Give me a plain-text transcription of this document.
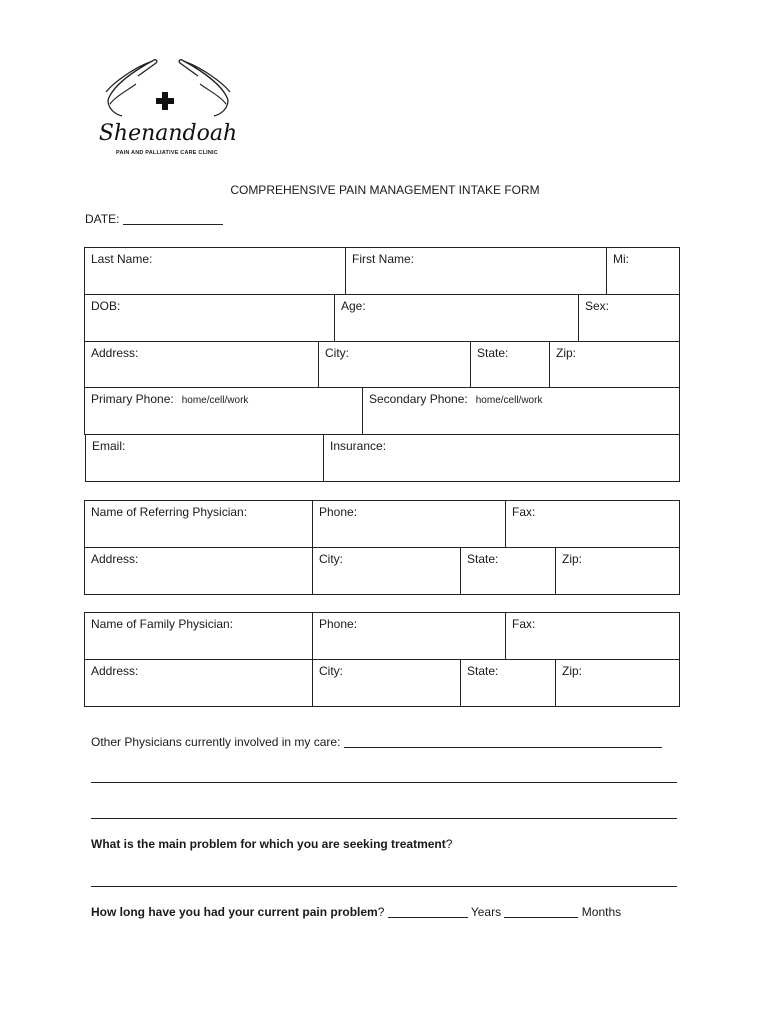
Shenandoah
PAIN AND PALLIATIVE CARE CLINIC
COMPREHENSIVE PAIN MANAGEMENT INTAKE FORM
DATE:
Last Name:	First Name:	Mi:
DOB:	Age:	Sex:
Address:	City:	State:	Zip:
Primary Phone: home/cell/work	Secondary Phone: home/cell/work
Email:	Insurance:
Name of Referring Physician:	Phone:	Fax:
Address:	City:	State:	Zip:
Name of Family Physician:	Phone:	Fax:
Address:	City:	State:	Zip:
Other Physicians currently involved in my care:
What is the main problem for which you are seeking treatment?
How long have you had your current pain problem?	Years	Months
